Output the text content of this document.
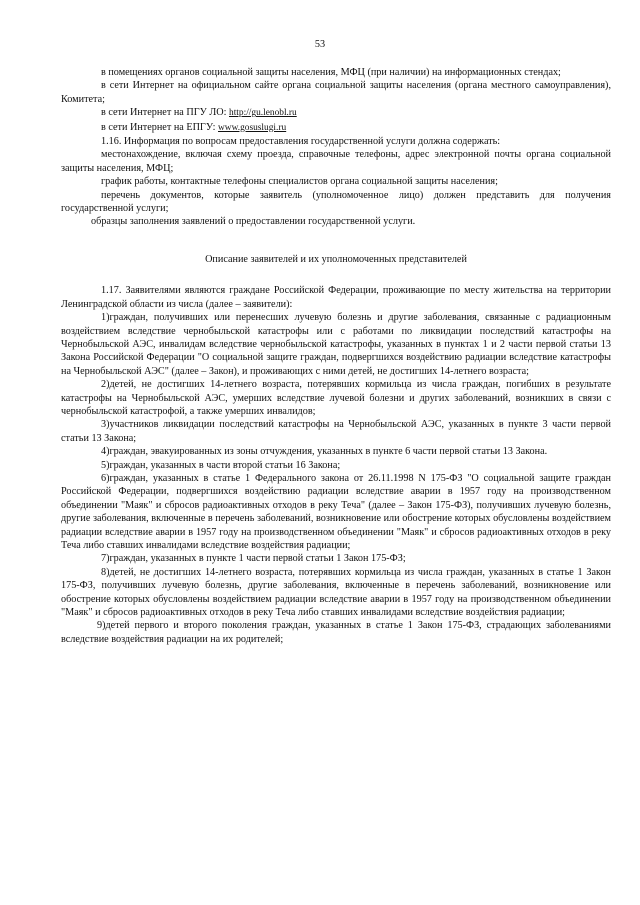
53

в помещениях органов социальной защиты населения, МФЦ (при наличии) на информационных стендах;

в сети Интернет на официальном сайте органа социальной защиты населения (органа местного самоуправления), Комитета;

в сети Интернет на ПГУ ЛО: http://gu.lenobl.ru

в сети Интернет на ЕПГУ: www.gosuslugi.ru

1.16. Информация по вопросам предоставления государственной услуги должна содержать:

местонахождение, включая схему проезда, справочные телефоны, адрес электронной почты органа социальной защиты населения, МФЦ;

график работы, контактные телефоны специалистов органа социальной защиты населения;

перечень документов, которые заявитель (уполномоченное лицо) должен представить для получения государственной услуги;

образцы заполнения заявлений о предоставлении государственной услуги.

Описание заявителей и их уполномоченных представителей

1.17. Заявителями являются граждане Российской Федерации, проживающие по месту жительства на территории Ленинградской области из числа (далее – заявители):

1)граждан, получивших или перенесших лучевую болезнь и другие заболевания, связанные с радиационным воздействием вследствие чернобыльской катастрофы или с работами по ликвидации последствий катастрофы на Чернобыльской АЭС, инвалидам вследствие чернобыльской катастрофы, указанных в пунктах 1 и 2 части первой статьи 13 Закона Российской Федерации "О социальной защите граждан, подвергшихся воздействию радиации вследствие катастрофы на Чернобыльской АЭС" (далее – Закон), и проживающих с ними детей, не достигших 14-летнего возраста;

2)детей, не достигших 14-летнего возраста, потерявших кормильца из числа граждан, погибших в результате катастрофы на Чернобыльской АЭС, умерших вследствие лучевой болезни и других заболеваний, возникших в связи с чернобыльской катастрофой, а также умерших инвалидов;

3)участников ликвидации последствий катастрофы на Чернобыльской АЭС, указанных в пункте 3 части первой статьи 13 Закона;

4)граждан, эвакуированных из зоны отчуждения, указанных в пункте 6 части первой статьи 13 Закона.

5)граждан, указанных в части второй статьи 16 Закона;

6)граждан, указанных в статье 1 Федерального закона от 26.11.1998 N 175-ФЗ "О социальной защите граждан Российской Федерации, подвергшихся воздействию радиации вследствие аварии в 1957 году на производственном объединении "Маяк" и сбросов радиоактивных отходов в реку Теча" (далее – Закон 175-ФЗ), получивших лучевую болезнь, другие заболевания, включенные в перечень заболеваний, возникновение или обострение которых обусловлены воздействием радиации вследствие аварии в 1957 году на производственном объединении "Маяк" и сбросов радиоактивных отходов в реку Теча либо ставших инвалидами вследствие воздействия радиации;

7)граждан, указанных в пункте 1 части первой статьи 1 Закон 175-ФЗ;

8)детей, не достигших 14-летнего возраста, потерявших кормильца из числа граждан, указанных в статье 1 Закон 175-ФЗ, получивших лучевую болезнь, другие заболевания, включенные в перечень заболеваний, возникновение или обострение которых обусловлены воздействием радиации вследствие аварии в 1957 году на производственном объединении "Маяк" и сбросов радиоактивных отходов в реку Теча либо ставших инвалидами вследствие воздействия радиации;

9)детей первого и второго поколения граждан, указанных в статье 1 Закон 175-ФЗ, страдающих заболеваниями вследствие воздействия радиации на их родителей;
